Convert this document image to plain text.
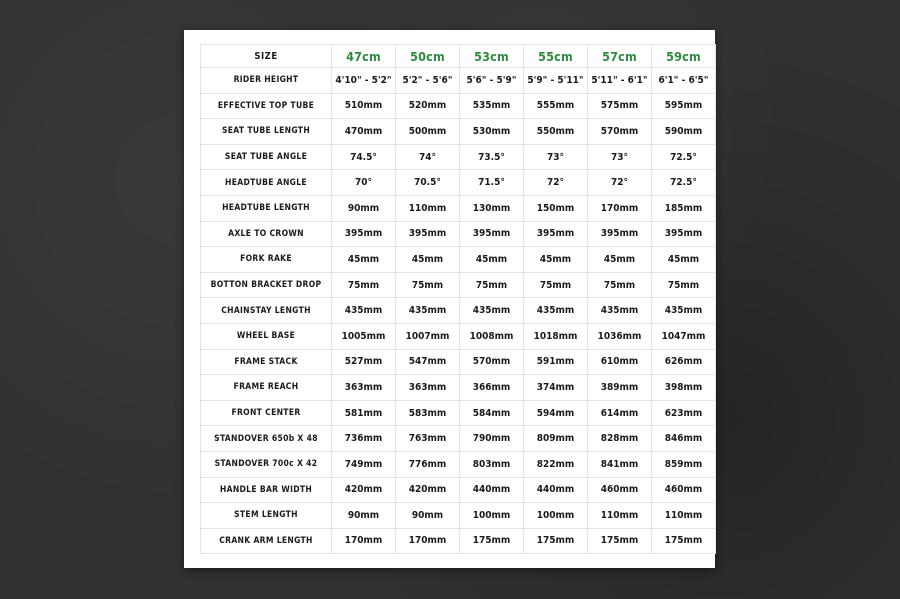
SIZE	47cm	50cm	53cm	55cm	57cm	59cm
RIDER HEIGHT	4'10" - 5'2"	5'2" - 5'6"	5'6" - 5'9"	5'9" - 5'11"	5'11" - 6'1"	6'1" - 6'5"
EFFECTIVE TOP TUBE	510mm	520mm	535mm	555mm	575mm	595mm
SEAT TUBE LENGTH	470mm	500mm	530mm	550mm	570mm	590mm
SEAT TUBE ANGLE	74.5°	74°	73.5°	73°	73°	72.5°
HEADTUBE ANGLE	70°	70.5°	71.5°	72°	72°	72.5°
HEADTUBE LENGTH	90mm	110mm	130mm	150mm	170mm	185mm
AXLE TO CROWN	395mm	395mm	395mm	395mm	395mm	395mm
FORK RAKE	45mm	45mm	45mm	45mm	45mm	45mm
BOTTON BRACKET DROP	75mm	75mm	75mm	75mm	75mm	75mm
CHAINSTAY LENGTH	435mm	435mm	435mm	435mm	435mm	435mm
WHEEL BASE	1005mm	1007mm	1008mm	1018mm	1036mm	1047mm
FRAME STACK	527mm	547mm	570mm	591mm	610mm	626mm
FRAME REACH	363mm	363mm	366mm	374mm	389mm	398mm
FRONT CENTER	581mm	583mm	584mm	594mm	614mm	623mm
STANDOVER 650b X 48	736mm	763mm	790mm	809mm	828mm	846mm
STANDOVER 700c X 42	749mm	776mm	803mm	822mm	841mm	859mm
HANDLE BAR WIDTH	420mm	420mm	440mm	440mm	460mm	460mm
STEM LENGTH	90mm	90mm	100mm	100mm	110mm	110mm
CRANK ARM LENGTH	170mm	170mm	175mm	175mm	175mm	175mm
